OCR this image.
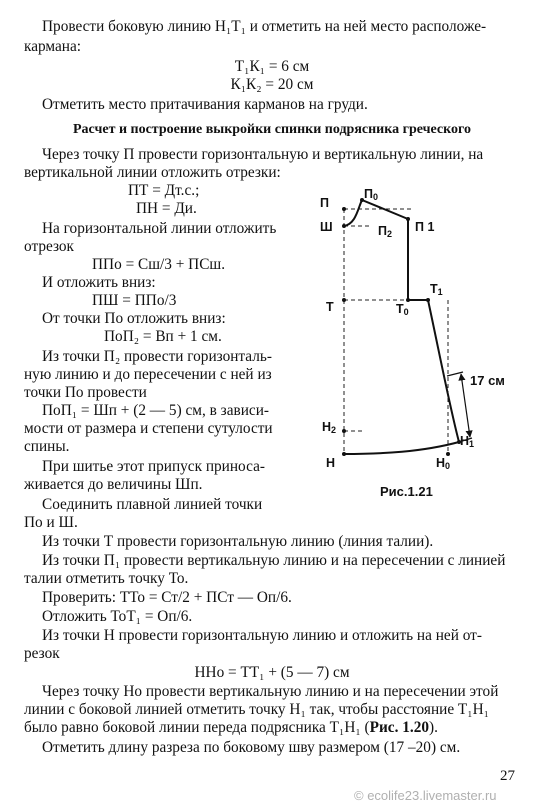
Провести боковую линию Н₁Т₁ и отметить на ней место расположе-
кармана:
Т₁К₁ = 6 см
К₁К₂ = 20 см
Отметить место притачивания карманов на груди.
Расчет и построение выкройки спинки подрясника греческого
Через точку П провести горизонтальную и вертикальную линии, на
вертикальной линии отложить отрезки:
ПТ = Дт.с.;
ПН = Ди.
На горизонтальной линии отложить
отрезок
ППо = Сш/3 + ПСш.
И отложить вниз:
ПШ = ППо/3
От точки По отложить вниз:
ПоП₂ = Вп + 1 см.
Из точки П₂ провести горизонталь-
ную линию и до пересечении с ней из
точки По провести
ПоП₁ = Шп + (2 — 5) см, в зависи-
мости от размера и степени сутулости
спины.
При шитье этот припуск приноса-
живается до величины Шп.
Соединить плавной линией точки
По и Ш.
Из точки Т провести горизонтальную линию (линия талии).
Из точки П₁ провести вертикальную линию и на пересечении с линией
талии отметить точку То.
Проверить: ТТо = Ст/2 + ПСт — Оп/6.
Отложить ТоТ₁ = Оп/6.
Из точки Н провести горизонтальную линию и отложить на ней от-
резок
ННо = ТТ₁ + (5 — 7) см
Через точку Но провести вертикальную линию и на пересечении этой
линии с боковой линией отметить точку Н₁ так, чтобы расстояние Т₁Н₁
было равно боковой линии переда подрясника Т₁Н₁ (Рис. 1.20).
Отметить длину разреза по боковому шву размером (17 –20) см.
П
$П_0$
Ш	$П_2$ П 1
Т	$Т_0$
$Т_1$
17 см
$Н_2$
$Н_1$
Н	$Н_0$
Рис.1.21
27
© ecolife23.livemaster.ru
